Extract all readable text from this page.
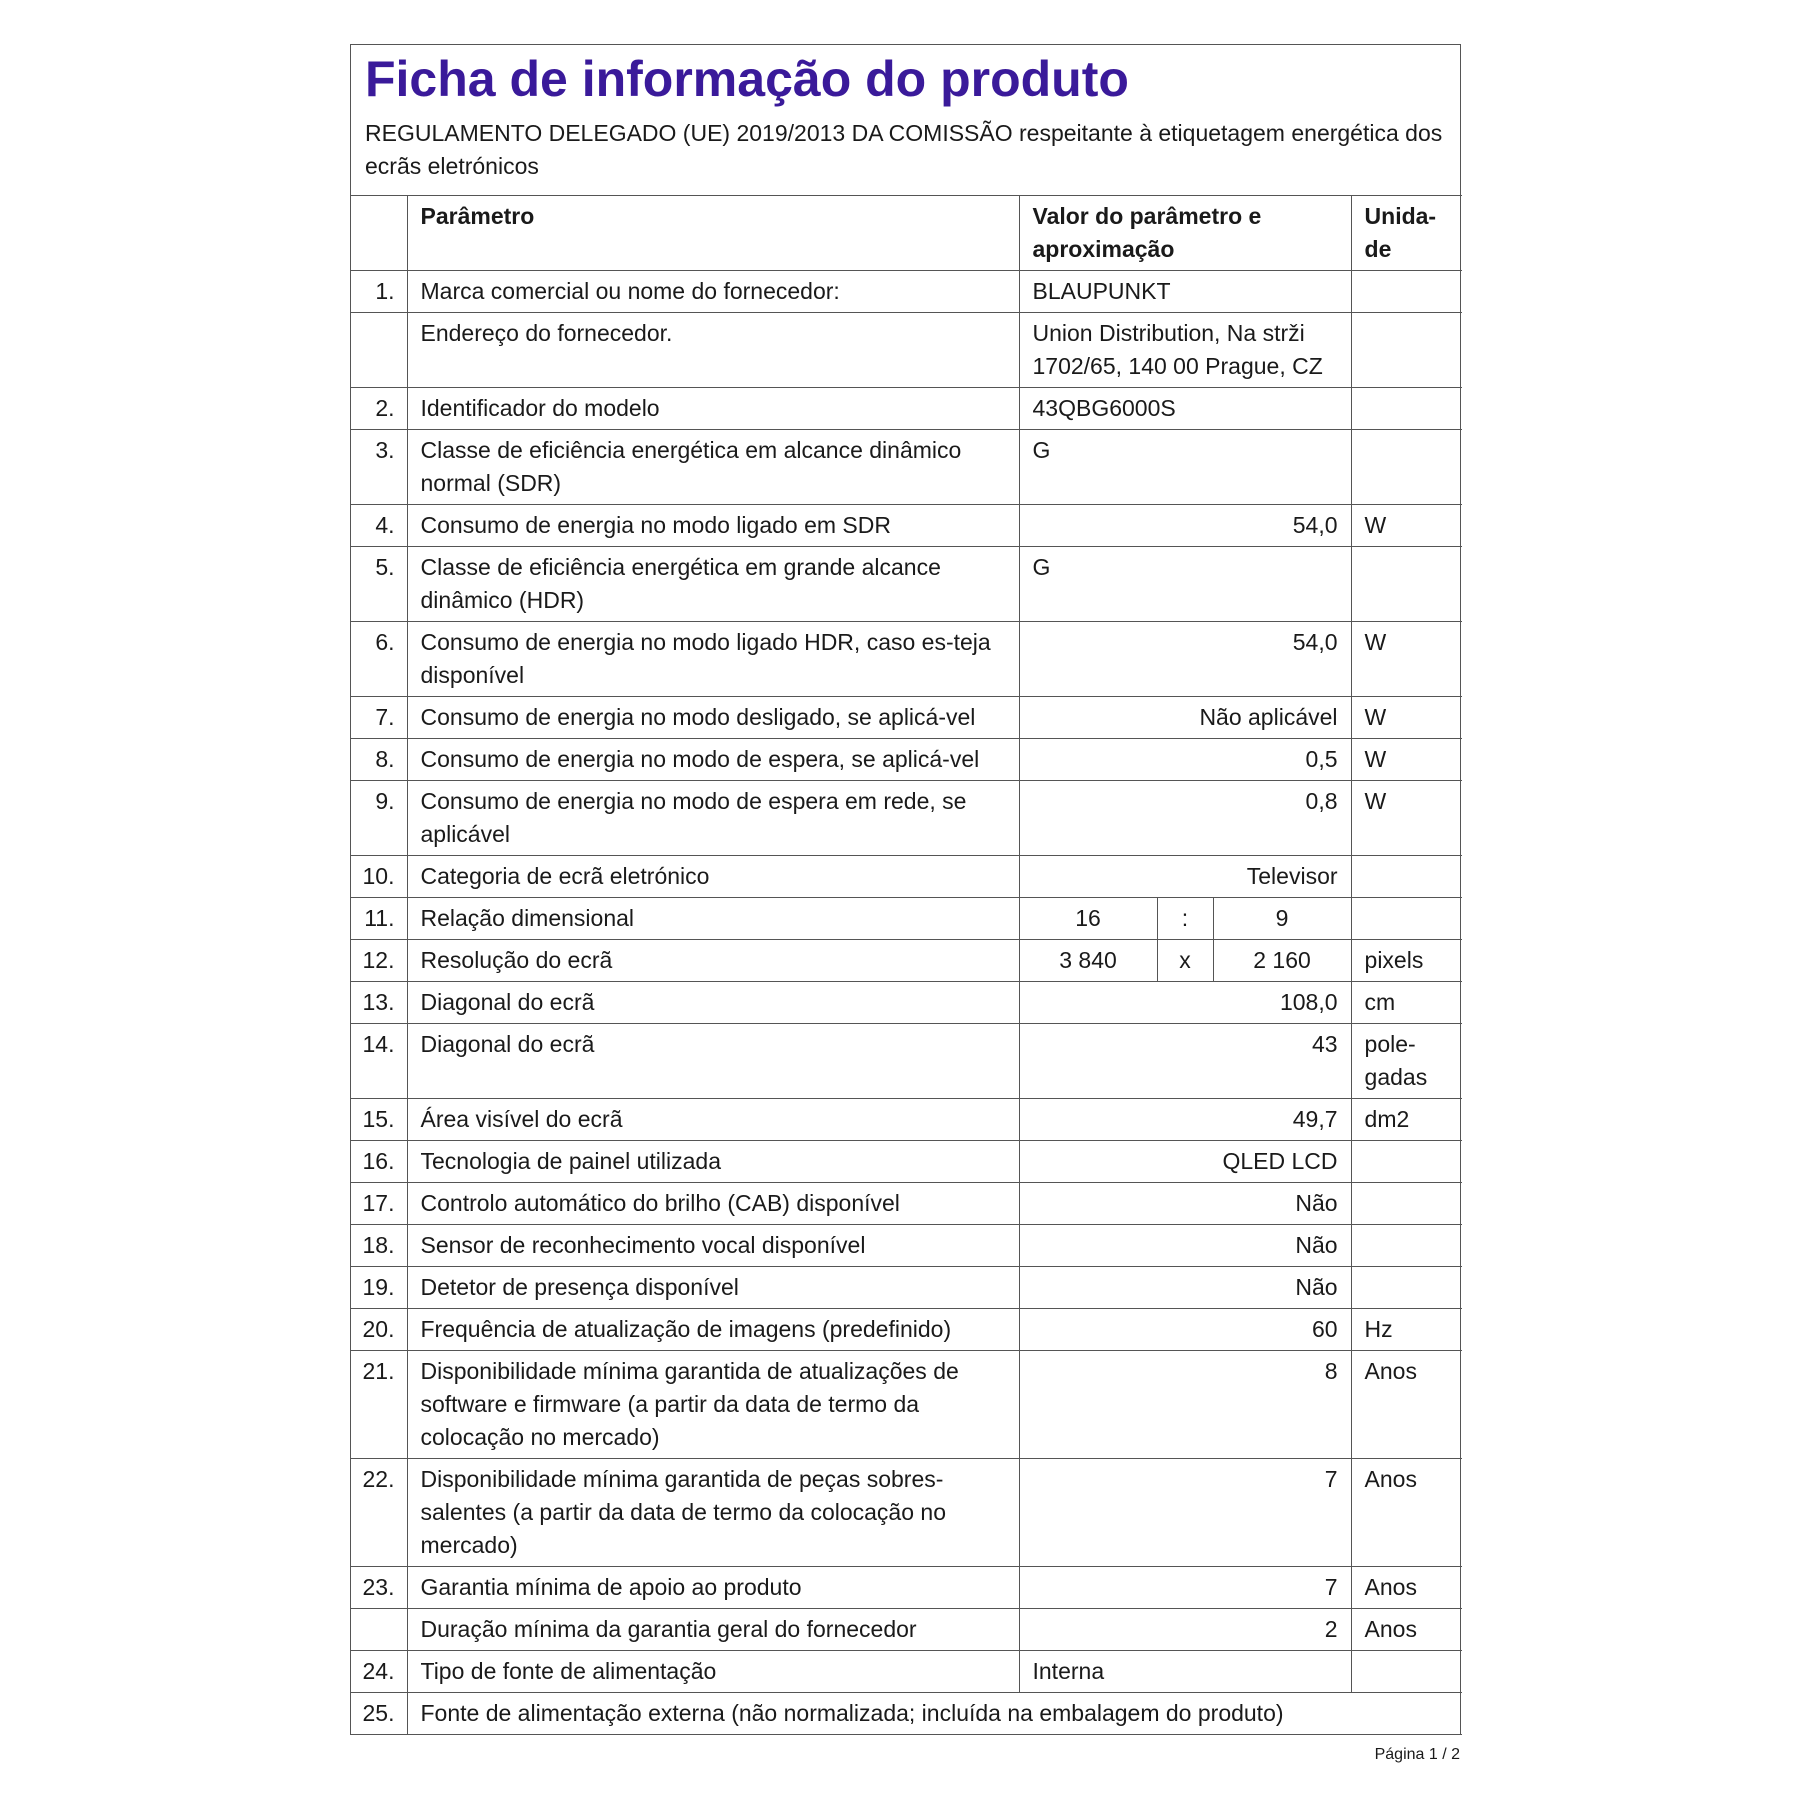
Ficha de informação do produto
REGULAMENTO DELEGADO (UE) 2019/2013 DA COMISSÃO respeitante à etiquetagem energética dos ecrãs eletrónicos
	Parâmetro	Valor do parâmetro e aproximação			Unida-de
1.	Marca comercial ou nome do fornecedor:	BLAUPUNKT			
	Endereço do fornecedor.	Union Distribution, Na strži 1702/65, 140 00 Prague, CZ			
2.	Identificador do modelo	43QBG6000S			
3.	Classe de eficiência energética em alcance dinâmico normal (SDR)	G			
4.	Consumo de energia no modo ligado em SDR	54,0			W
5.	Classe de eficiência energética em grande alcance dinâmico (HDR)	G			
6.	Consumo de energia no modo ligado HDR, caso es-teja disponível	54,0			W
7.	Consumo de energia no modo desligado, se aplicá-vel	Não aplicável			W
8.	Consumo de energia no modo de espera, se aplicá-vel	0,5			W
9.	Consumo de energia no modo de espera em rede, se aplicável	0,8			W
10.	Categoria de ecrã eletrónico	Televisor			
11.	Relação dimensional	16	:	9	
12.	Resolução do ecrã	3 840	x	2 160	pixels
13.	Diagonal do ecrã	108,0			cm
14.	Diagonal do ecrã	43			pole-gadas
15.	Área visível do ecrã	49,7			dm2
16.	Tecnologia de painel utilizada	QLED LCD			
17.	Controlo automático do brilho (CAB) disponível	Não			
18.	Sensor de reconhecimento vocal disponível	Não			
19.	Detetor de presença disponível	Não			
20.	Frequência de atualização de imagens (predefinido)	60			Hz
21.	Disponibilidade mínima garantida de atualizações de software e firmware (a partir da data de termo da colocação no mercado)	8			Anos
22.	Disponibilidade mínima garantida de peças sobres-salentes (a partir da data de termo da colocação no mercado)	7			Anos
23.	Garantia mínima de apoio ao produto	7			Anos
	Duração mínima da garantia geral do fornecedor	2			Anos
24.	Tipo de fonte de alimentação	Interna			
25.	Fonte de alimentação externa (não normalizada; incluída na embalagem do produto)				
Página 1 / 2
